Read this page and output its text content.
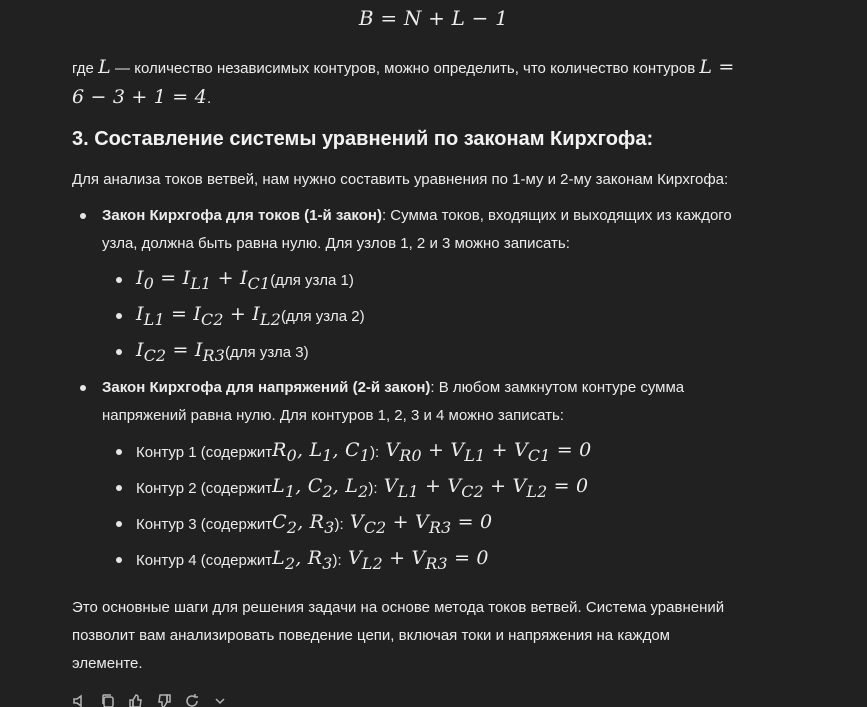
B = N + L − 1
где L — количество независимых контуров, можно определить, что количество контуров L =
6 − 3 + 1 = 4.
3. Составление системы уравнений по законам Кирхгофа:
Для анализа токов ветвей, нам нужно составить уравнения по 1-му и 2-му законам Кирхгофа:
Закон Кирхгофа для токов (1-й закон): Сумма токов, входящих и выходящих из каждого
узла, должна быть равна нулю. Для узлов 1, 2 и 3 можно записать:
$I_0 = I_{L1} + I_{C1}$ (для узла 1)
$I_{L1} = I_{C2} + I_{L2}$ (для узла 2)
$I_{C2} = I_{R3}$ (для узла 3)
Закон Кирхгофа для напряжений (2-й закон): В любом замкнутом контуре сумма
напряжений равна нулю. Для контуров 1, 2, 3 и 4 можно записать:
Контур 1 (содержит $R_0$, $L_1$, $C_1$ ): $V_{R0} + V_{L1} + V_{C1} = 0$
Контур 2 (содержит $L_1$, $C_2$, $L_2$ ): $V_{L1} + V_{C2} + V_{L2} = 0$
Контур 3 (содержит $C_2$, $R_3$ ): $V_{C2} + V_{R3} = 0$
Контур 4 (содержит $L_2$, $R_3$ ): $V_{L2} + V_{R3} = 0$
Это основные шаги для решения задачи на основе метода токов ветвей. Система уравнений
позволит вам анализировать поведение цепи, включая токи и напряжения на каждом
элементе.
